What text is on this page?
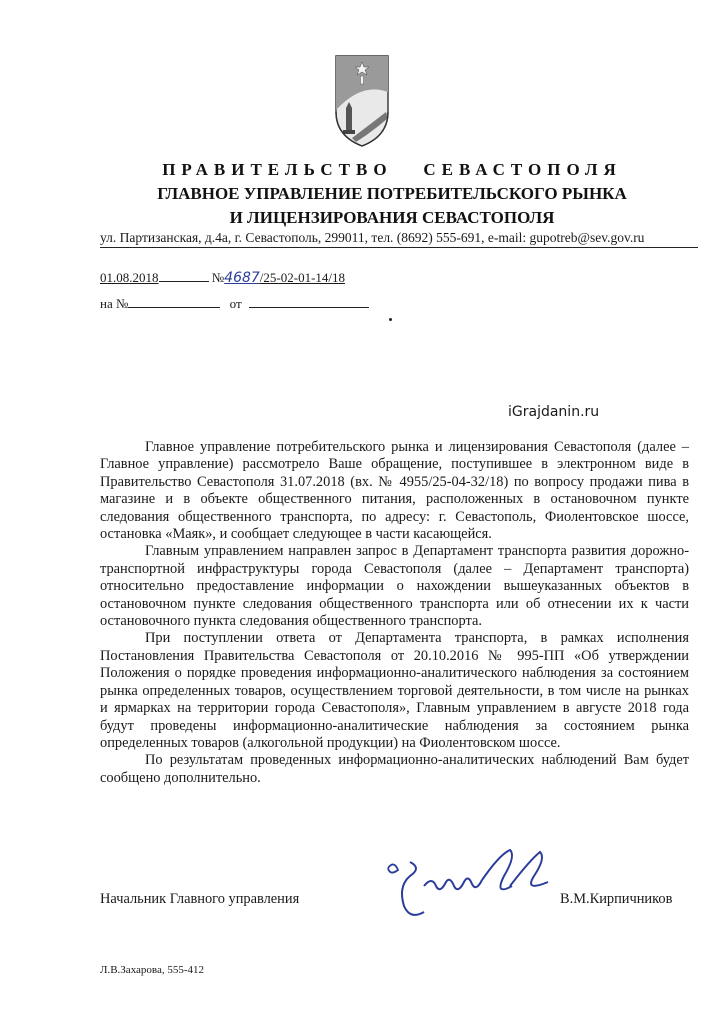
ПРАВИТЕЛЬСТВО   СЕВАСТОПОЛЯ
ГЛАВНОЕ УПРАВЛЕНИЕ ПОТРЕБИТЕЛЬСКОГО РЫНКА
И ЛИЦЕНЗИРОВАНИЯ СЕВАСТОПОЛЯ
ул. Партизанская, д.4а, г. Севастополь, 299011, тел. (8692) 555-691, e-mail: gupotreb@sev.gov.ru
01.08.2018	№4687/25-02-01-14/18
на №	от
iGrajdanin.ru

Главное управление потребительского рынка и лицензирования Севастополя (далее – Главное управление) рассмотрело Ваше обращение, поступившее в электронном виде в Правительство Севастополя 31.07.2018 (вх. № 4955/25-04-32/18) по вопросу продажи пива в магазине и в объекте общественного питания, расположенных в остановочном пункте следования общественного транспорта, по адресу: г. Севастополь, Фиолентовское шоссе, остановка «Маяк», и сообщает следующее в части касающейся.

Главным управлением направлен запрос в Департамент транспорта развития дорожно-транспортной инфраструктуры города Севастополя (далее – Департамент транспорта) относительно предоставление информации о нахождении вышеуказанных объектов в остановочном пункте следования общественного транспорта или об отнесении их к части остановочного пункта следования общественного транспорта.

При поступлении ответа от Департамента транспорта, в рамках исполнения Постановления Правительства Севастополя от 20.10.2016 № 995-ПП «Об утверждении Положения о порядке проведения информационно-аналитического наблюдения за состоянием рынка определенных товаров, осуществлением торговой деятельности, в том числе на рынках и ярмарках на территории города Севастополя», Главным управлением в августе 2018 года будут проведены информационно-аналитические наблюдения за состоянием рынка определенных товаров (алкогольной продукции) на Фиолентовском шоссе.

По результатам проведенных информационно-аналитических наблюдений Вам будет сообщено дополнительно.

Начальник Главного управления	В.М.Кирпичников
Л.В.Захарова, 555-412
